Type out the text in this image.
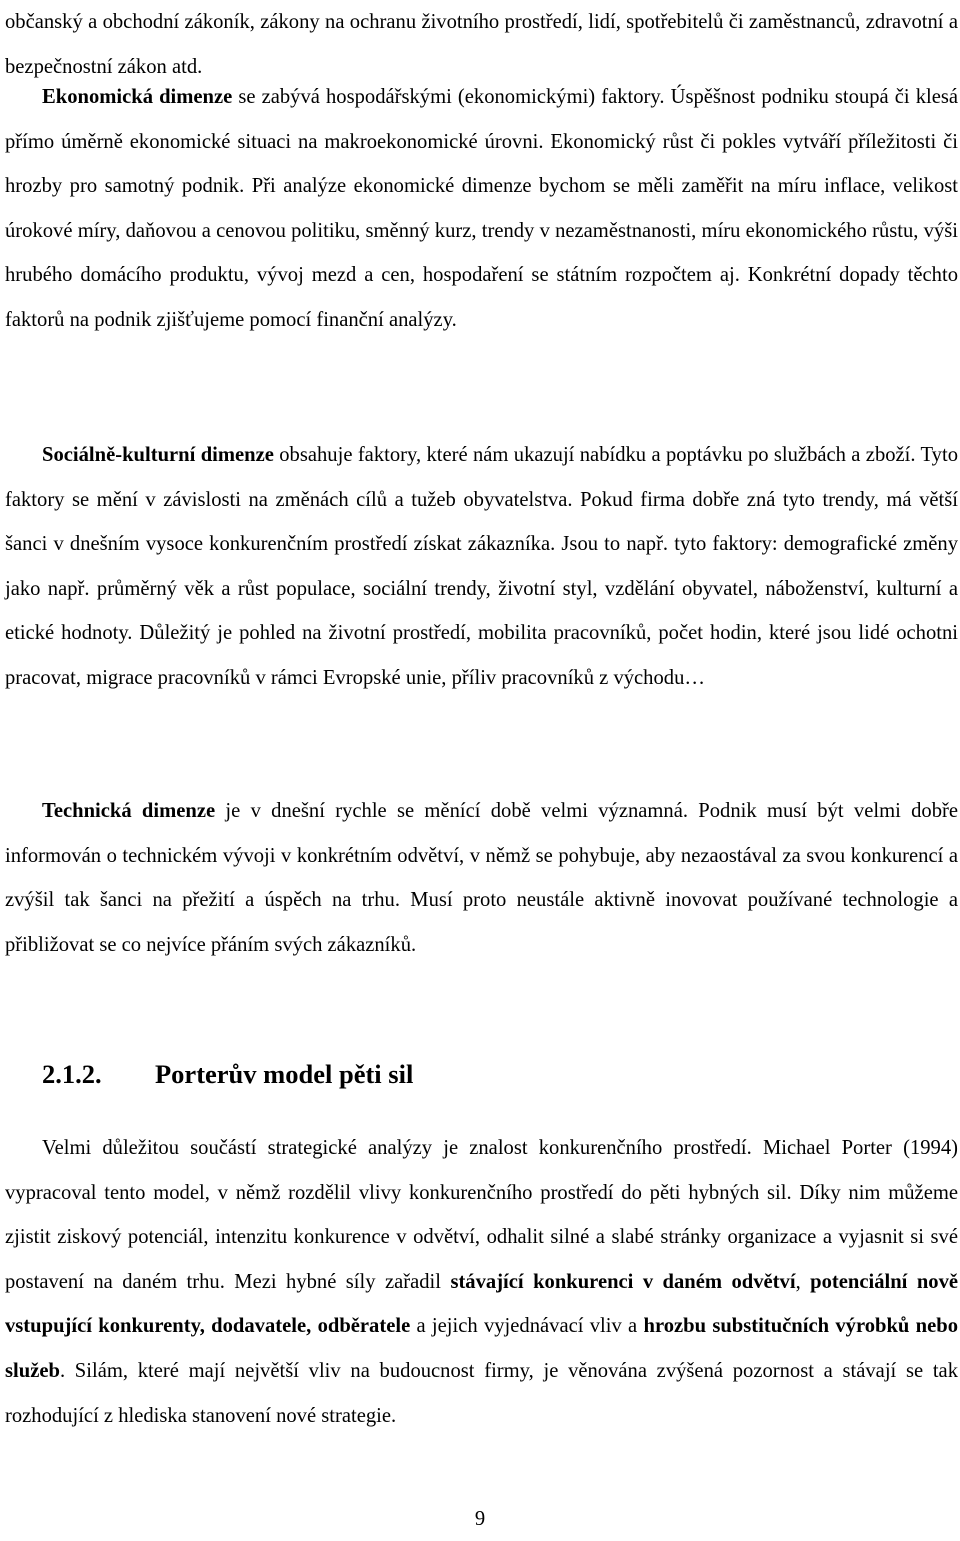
občanský a obchodní zákoník, zákony na ochranu životního prostředí, lidí, spotřebitelů či zaměstnanců, zdravotní a bezpečnostní zákon atd.

Ekonomická dimenze se zabývá hospodářskými (ekonomickými) faktory. Úspěšnost podniku stoupá či klesá přímo úměrně ekonomické situaci na makroekonomické úrovni. Ekonomický růst či pokles vytváří příležitosti či hrozby pro samotný podnik. Při analýze ekonomické dimenze bychom se měli zaměřit na míru inflace, velikost úrokové míry, daňovou a cenovou politiku, směnný kurz, trendy v nezaměstnanosti, míru ekonomického růstu, výši hrubého domácího produktu, vývoj mezd a cen, hospodaření se státním rozpočtem aj. Konkrétní dopady těchto faktorů na podnik zjišťujeme pomocí finanční analýzy.

Sociálně-kulturní dimenze obsahuje faktory, které nám ukazují nabídku a poptávku po službách a zboží. Tyto faktory se mění v závislosti na změnách cílů a tužeb obyvatelstva. Pokud firma dobře zná tyto trendy, má větší šanci v dnešním vysoce konkurenčním prostředí získat zákazníka. Jsou to např. tyto faktory: demografické změny jako např. průměrný věk a růst populace, sociální trendy, životní styl, vzdělání obyvatel, náboženství, kulturní a etické hodnoty. Důležitý je pohled na životní prostředí, mobilita pracovníků, počet hodin, které jsou lidé ochotni pracovat, migrace pracovníků v rámci Evropské unie, příliv pracovníků z východu…

Technická dimenze je v dnešní rychle se měnící době velmi významná. Podnik musí být velmi dobře informován o technickém vývoji v konkrétním odvětví, v němž se pohybuje, aby nezaostával za svou konkurencí a zvýšil tak šanci na přežití a úspěch na trhu. Musí proto neustále aktivně inovovat používané technologie a přibližovat se co nejvíce přáním svých zákazníků.

2.1.2. Porterův model pěti sil

Velmi důležitou součástí strategické analýzy je znalost konkurenčního prostředí. Michael Porter (1994) vypracoval tento model, v němž rozdělil vlivy konkurenčního prostředí do pěti hybných sil. Díky nim můžeme zjistit ziskový potenciál, intenzitu konkurence v odvětví, odhalit silné a slabé stránky organizace a vyjasnit si své postavení na daném trhu. Mezi hybné síly zařadil stávající konkurenci v daném odvětví, potenciální nově vstupující konkurenty, dodavatele, odběratele a jejich vyjednávací vliv a hrozbu substitučních výrobků nebo služeb. Silám, které mají největší vliv na budoucnost firmy, je věnována zvýšená pozornost a stávají se tak rozhodující z hlediska stanovení nové strategie.

9
